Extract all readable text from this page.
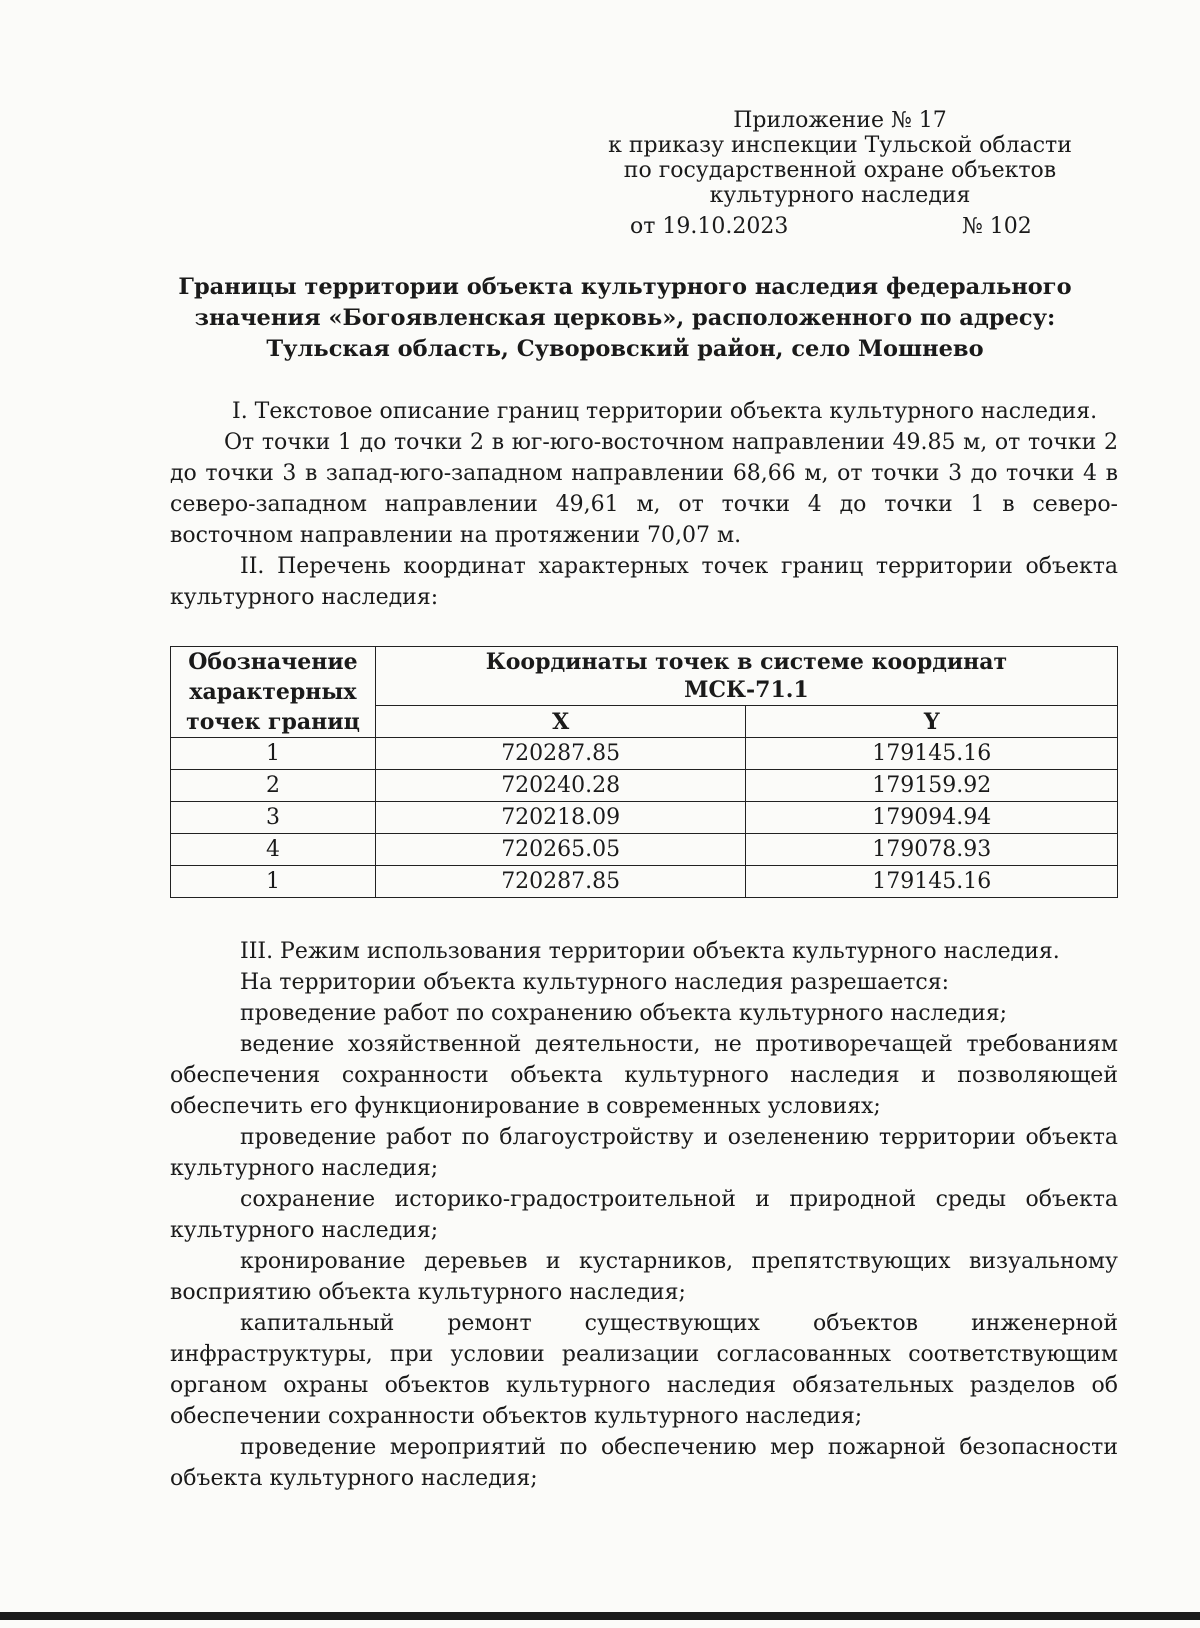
Приложение № 17
к приказу инспекции Тульской области
по государственной охране объектов
культурного наследия
от 19.10.2023	№ 102
Границы территории объекта культурного наследия федерального
значения «Богоявленская церковь», расположенного по адресу:
Тульская область, Суворовский район, село Мошнево

I. Текстовое описание границ территории объекта культурного наследия.

От точки 1 до точки 2 в юг-юго-восточном направлении 49.85 м, от точки 2 до точки 3 в запад-юго-западном направлении 68,66 м, от точки 3 до точки 4 в северо-западном направлении 49,61 м, от точки 4 до точки 1 в северо-восточном направлении на протяжении 70,07 м.

II. Перечень координат характерных точек границ территории объекта культурного наследия:

Обозначение характерных точек границ	Координаты точек в системе координат
МСК-71.1	
	X	Y
1	720287.85	179145.16
2	720240.28	179159.92
3	720218.09	179094.94
4	720265.05	179078.93
1	720287.85	179145.16

III. Режим использования территории объекта культурного наследия.

На территории объекта культурного наследия разрешается:

проведение работ по сохранению объекта культурного наследия;

ведение хозяйственной деятельности, не противоречащей требованиям обеспечения сохранности объекта культурного наследия и позволяющей обеспечить его функционирование в современных условиях;

проведение работ по благоустройству и озеленению территории объекта культурного наследия;

сохранение историко-градостроительной и природной среды объекта культурного наследия;

кронирование деревьев и кустарников, препятствующих визуальному восприятию объекта культурного наследия;

капитальный ремонт существующих объектов инженерной инфраструктуры, при условии реализации согласованных соответствующим органом охраны объектов культурного наследия обязательных разделов об обеспечении сохранности объектов культурного наследия;

проведение мероприятий по обеспечению мер пожарной безопасности объекта культурного наследия;
